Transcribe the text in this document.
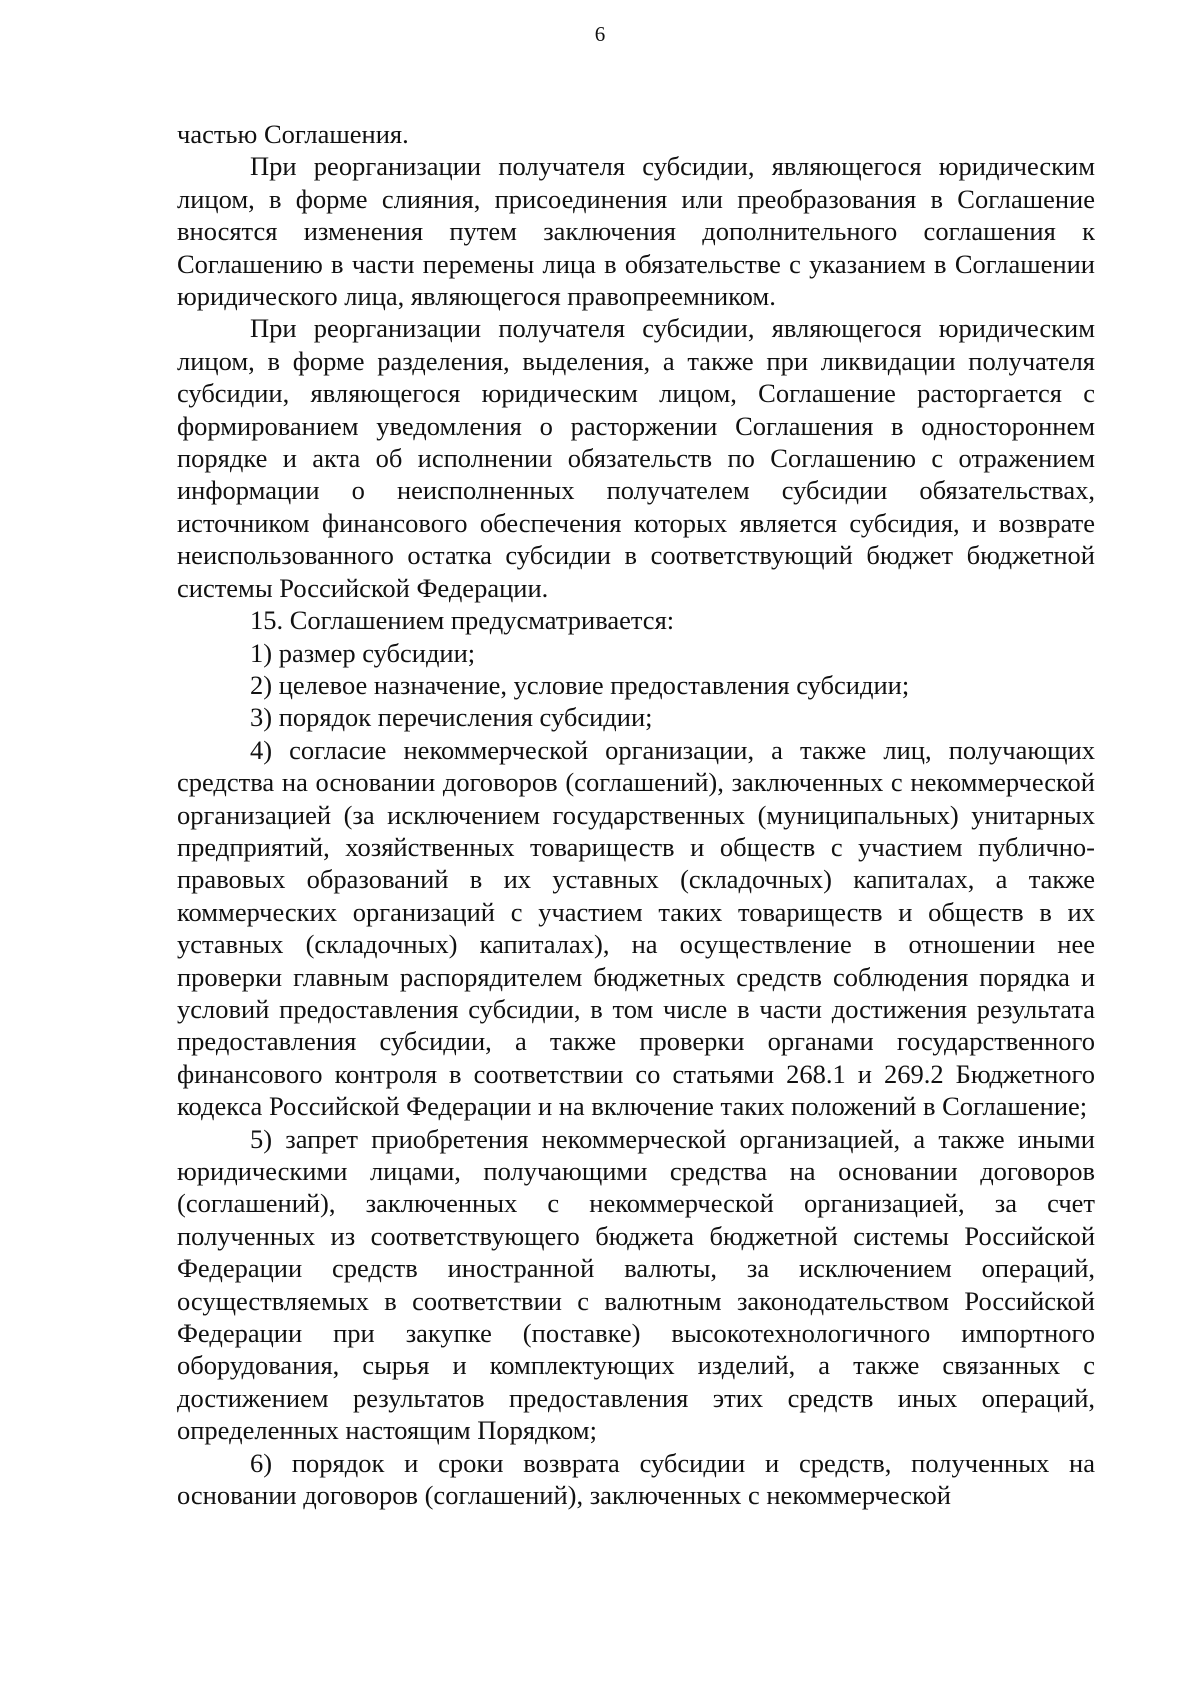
6

частью Соглашения.

При реорганизации получателя субсидии, являющегося юридическим лицом, в форме слияния, присоединения или преобразования в Соглашение вносятся изменения путем заключения дополнительного соглашения к Соглашению в части перемены лица в обязательстве с указанием в Соглашении юридического лица, являющегося правопреемником.

При реорганизации получателя субсидии, являющегося юридическим лицом, в форме разделения, выделения, а также при ликвидации получателя субсидии, являющегося юридическим лицом, Соглашение расторгается с формированием уведомления о расторжении Соглашения в одностороннем порядке и акта об исполнении обязательств по Соглашению с отражением информации о неисполненных получателем субсидии обязательствах, источником финансового обеспечения которых является субсидия, и возврате неиспользованного остатка субсидии в соответствующий бюджет бюджетной системы Российской Федерации.

15. Соглашением предусматривается:

1) размер субсидии;

2) целевое назначение, условие предоставления субсидии;

3) порядок перечисления субсидии;

4) согласие некоммерческой организации, а также лиц, получающих средства на основании договоров (соглашений), заключенных с некоммерческой организацией (за исключением государственных (муниципальных) унитарных предприятий, хозяйственных товариществ и обществ с участием публично-правовых образований в их уставных (складочных) капиталах, а также коммерческих организаций с участием таких товариществ и обществ в их уставных (складочных) капиталах), на осуществление в отношении нее проверки главным распорядителем бюджетных средств соблюдения порядка и условий предоставления субсидии, в том числе в части достижения результата предоставления субсидии, а также проверки органами государственного финансового контроля в соответствии со статьями 268.1 и 269.2 Бюджетного кодекса Российской Федерации и на включение таких положений в Соглашение;

5) запрет приобретения некоммерческой организацией, а также иными юридическими лицами, получающими средства на основании договоров (соглашений), заключенных с некоммерческой организацией, за счет полученных из соответствующего бюджета бюджетной системы Российской Федерации средств иностранной валюты, за исключением операций, осуществляемых в соответствии с валютным законодательством Российской Федерации при закупке (поставке) высокотехнологичного импортного оборудования, сырья и комплектующих изделий, а также связанных с достижением результатов предоставления этих средств иных операций, определенных настоящим Порядком;

6) порядок и сроки возврата субсидии и средств, полученных на основании договоров (соглашений), заключенных с некоммерческой
